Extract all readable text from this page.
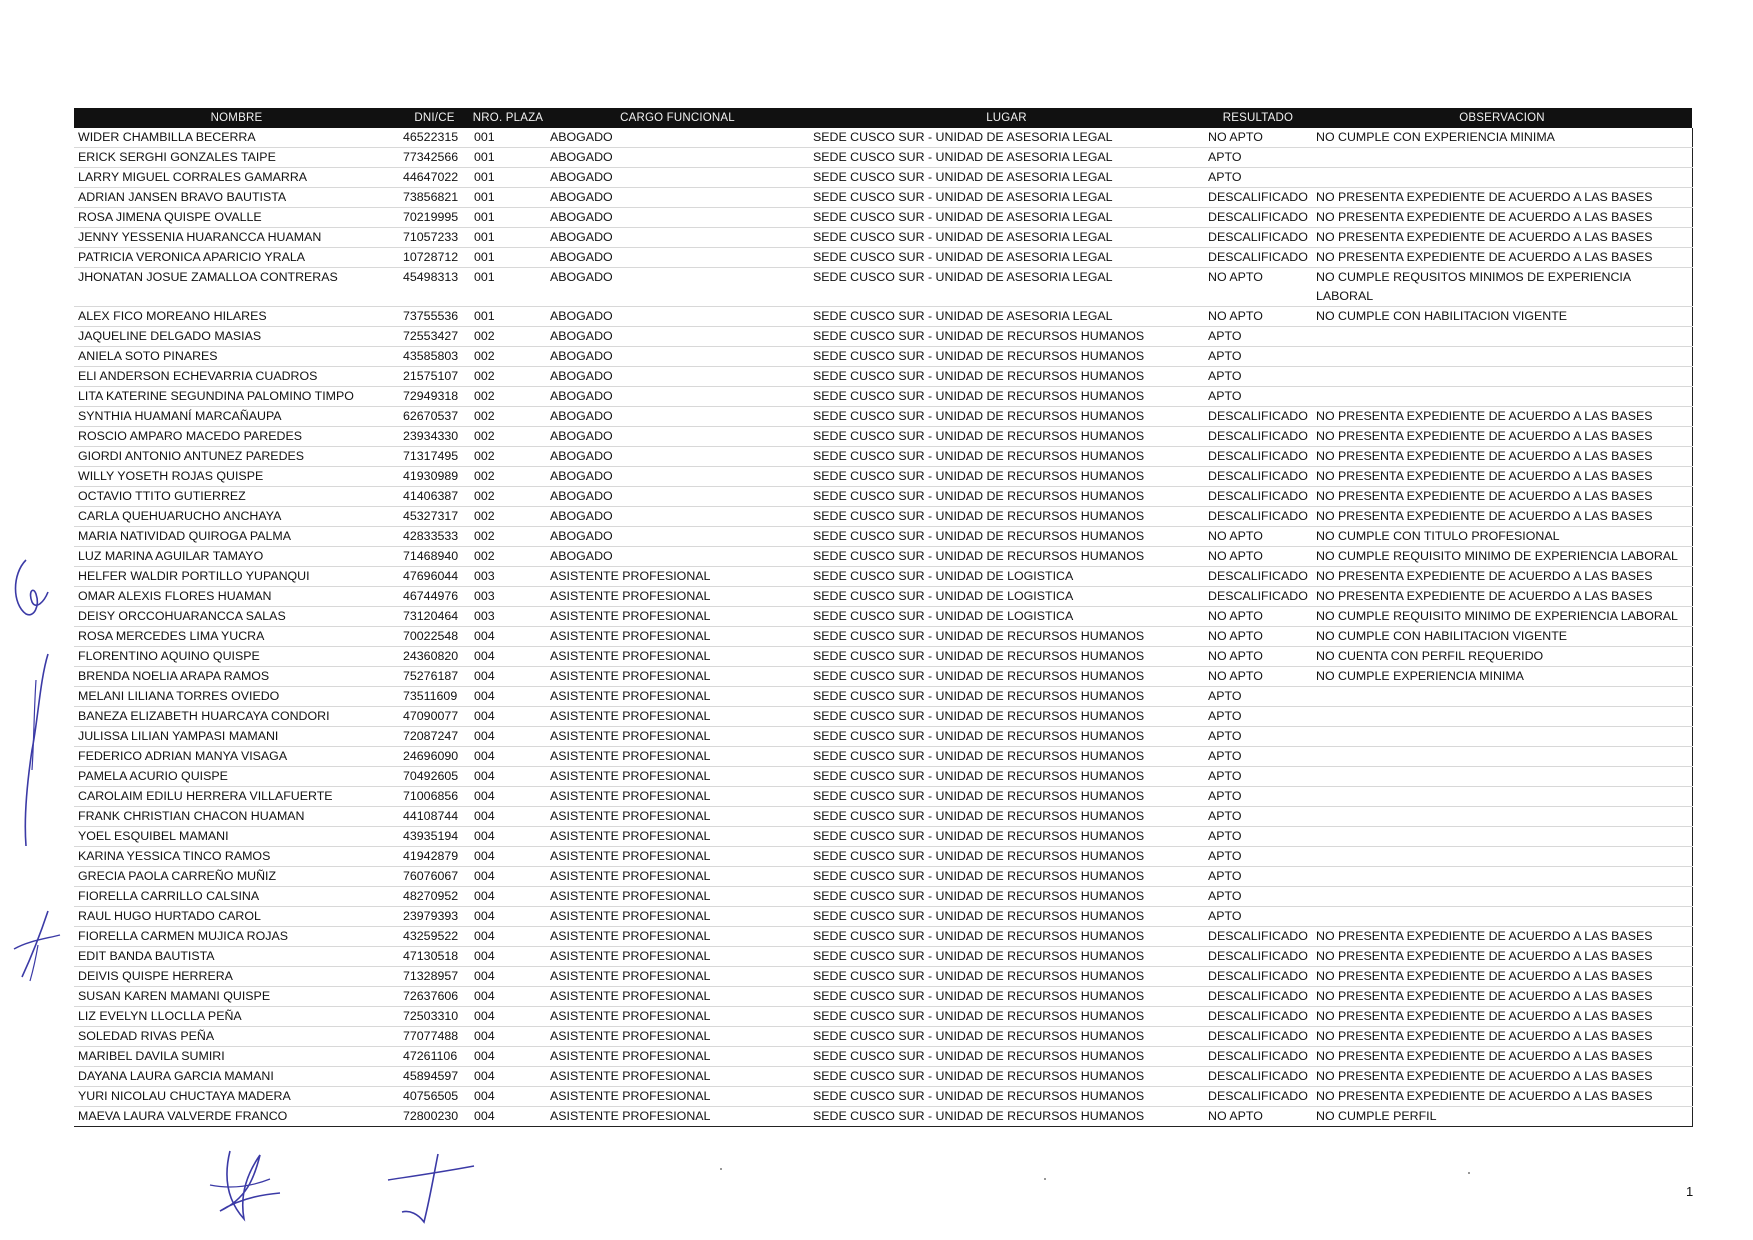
NOMBRE	DNI/CE	NRO. PLAZA	CARGO FUNCIONAL	LUGAR	RESULTADO	OBSERVACION
WIDER CHAMBILLA BECERRA	46522315	001	ABOGADO	SEDE CUSCO SUR - UNIDAD DE ASESORIA LEGAL	NO APTO	NO CUMPLE CON EXPERIENCIA MINIMA
ERICK SERGHI GONZALES TAIPE	77342566	001	ABOGADO	SEDE CUSCO SUR - UNIDAD DE ASESORIA LEGAL	APTO	
LARRY MIGUEL CORRALES GAMARRA	44647022	001	ABOGADO	SEDE CUSCO SUR - UNIDAD DE ASESORIA LEGAL	APTO	
ADRIAN JANSEN BRAVO BAUTISTA	73856821	001	ABOGADO	SEDE CUSCO SUR - UNIDAD DE ASESORIA LEGAL	DESCALIFICADO	NO PRESENTA EXPEDIENTE DE ACUERDO A LAS BASES
ROSA JIMENA QUISPE OVALLE	70219995	001	ABOGADO	SEDE CUSCO SUR - UNIDAD DE ASESORIA LEGAL	DESCALIFICADO	NO PRESENTA EXPEDIENTE DE ACUERDO A LAS BASES
JENNY YESSENIA HUARANCCA HUAMAN	71057233	001	ABOGADO	SEDE CUSCO SUR - UNIDAD DE ASESORIA LEGAL	DESCALIFICADO	NO PRESENTA EXPEDIENTE DE ACUERDO A LAS BASES
PATRICIA VERONICA APARICIO YRALA	10728712	001	ABOGADO	SEDE CUSCO SUR - UNIDAD DE ASESORIA LEGAL	DESCALIFICADO	NO PRESENTA EXPEDIENTE DE ACUERDO A LAS BASES
JHONATAN JOSUE ZAMALLOA CONTRERAS	45498313	001	ABOGADO	SEDE CUSCO SUR - UNIDAD DE ASESORIA LEGAL	NO APTO	NO CUMPLE REQUSITOS MINIMOS DE EXPERIENCIA LABORAL
ALEX FICO MOREANO HILARES	73755536	001	ABOGADO	SEDE CUSCO SUR - UNIDAD DE ASESORIA LEGAL	NO APTO	NO CUMPLE CON HABILITACION VIGENTE
JAQUELINE DELGADO MASIAS	72553427	002	ABOGADO	SEDE CUSCO SUR - UNIDAD DE RECURSOS HUMANOS	APTO	
ANIELA SOTO PINARES	43585803	002	ABOGADO	SEDE CUSCO SUR - UNIDAD DE RECURSOS HUMANOS	APTO	
ELI ANDERSON ECHEVARRIA CUADROS	21575107	002	ABOGADO	SEDE CUSCO SUR - UNIDAD DE RECURSOS HUMANOS	APTO	
LITA KATERINE SEGUNDINA PALOMINO TIMPO	72949318	002	ABOGADO	SEDE CUSCO SUR - UNIDAD DE RECURSOS HUMANOS	APTO	
SYNTHIA HUAMANÍ MARCAÑAUPA	62670537	002	ABOGADO	SEDE CUSCO SUR - UNIDAD DE RECURSOS HUMANOS	DESCALIFICADO	NO PRESENTA EXPEDIENTE DE ACUERDO A LAS BASES
ROSCIO AMPARO MACEDO PAREDES	23934330	002	ABOGADO	SEDE CUSCO SUR - UNIDAD DE RECURSOS HUMANOS	DESCALIFICADO	NO PRESENTA EXPEDIENTE DE ACUERDO A LAS BASES
GIORDI ANTONIO ANTUNEZ PAREDES	71317495	002	ABOGADO	SEDE CUSCO SUR - UNIDAD DE RECURSOS HUMANOS	DESCALIFICADO	NO PRESENTA EXPEDIENTE DE ACUERDO A LAS BASES
WILLY YOSETH ROJAS QUISPE	41930989	002	ABOGADO	SEDE CUSCO SUR - UNIDAD DE RECURSOS HUMANOS	DESCALIFICADO	NO PRESENTA EXPEDIENTE DE ACUERDO A LAS BASES
OCTAVIO TTITO GUTIERREZ	41406387	002	ABOGADO	SEDE CUSCO SUR - UNIDAD DE RECURSOS HUMANOS	DESCALIFICADO	NO PRESENTA EXPEDIENTE DE ACUERDO A LAS BASES
CARLA QUEHUARUCHO ANCHAYA	45327317	002	ABOGADO	SEDE CUSCO SUR - UNIDAD DE RECURSOS HUMANOS	DESCALIFICADO	NO PRESENTA EXPEDIENTE DE ACUERDO A LAS BASES
MARIA NATIVIDAD QUIROGA PALMA	42833533	002	ABOGADO	SEDE CUSCO SUR - UNIDAD DE RECURSOS HUMANOS	NO APTO	NO CUMPLE CON TITULO PROFESIONAL
LUZ MARINA AGUILAR TAMAYO	71468940	002	ABOGADO	SEDE CUSCO SUR - UNIDAD DE RECURSOS HUMANOS	NO APTO	NO CUMPLE REQUISITO MINIMO DE EXPERIENCIA LABORAL
HELFER WALDIR PORTILLO YUPANQUI	47696044	003	ASISTENTE PROFESIONAL	SEDE CUSCO SUR - UNIDAD DE LOGISTICA	DESCALIFICADO	NO PRESENTA EXPEDIENTE DE ACUERDO A LAS BASES
OMAR ALEXIS FLORES HUAMAN	46744976	003	ASISTENTE PROFESIONAL	SEDE CUSCO SUR - UNIDAD DE LOGISTICA	DESCALIFICADO	NO PRESENTA EXPEDIENTE DE ACUERDO A LAS BASES
DEISY ORCCOHUARANCCA SALAS	73120464	003	ASISTENTE PROFESIONAL	SEDE CUSCO SUR - UNIDAD DE LOGISTICA	NO APTO	NO CUMPLE REQUISITO MINIMO DE EXPERIENCIA LABORAL
ROSA MERCEDES LIMA YUCRA	70022548	004	ASISTENTE PROFESIONAL	SEDE CUSCO SUR - UNIDAD DE RECURSOS HUMANOS	NO APTO	NO CUMPLE CON HABILITACION VIGENTE
FLORENTINO AQUINO QUISPE	24360820	004	ASISTENTE PROFESIONAL	SEDE CUSCO SUR - UNIDAD DE RECURSOS HUMANOS	NO APTO	NO CUENTA CON PERFIL REQUERIDO
BRENDA NOELIA ARAPA RAMOS	75276187	004	ASISTENTE PROFESIONAL	SEDE CUSCO SUR - UNIDAD DE RECURSOS HUMANOS	NO APTO	NO CUMPLE EXPERIENCIA MINIMA
MELANI LILIANA TORRES OVIEDO	73511609	004	ASISTENTE PROFESIONAL	SEDE CUSCO SUR - UNIDAD DE RECURSOS HUMANOS	APTO	
BANEZA ELIZABETH HUARCAYA CONDORI	47090077	004	ASISTENTE PROFESIONAL	SEDE CUSCO SUR - UNIDAD DE RECURSOS HUMANOS	APTO	
JULISSA LILIAN YAMPASI MAMANI	72087247	004	ASISTENTE PROFESIONAL	SEDE CUSCO SUR - UNIDAD DE RECURSOS HUMANOS	APTO	
FEDERICO ADRIAN MANYA VISAGA	24696090	004	ASISTENTE PROFESIONAL	SEDE CUSCO SUR - UNIDAD DE RECURSOS HUMANOS	APTO	
PAMELA ACURIO QUISPE	70492605	004	ASISTENTE PROFESIONAL	SEDE CUSCO SUR - UNIDAD DE RECURSOS HUMANOS	APTO	
CAROLAIM EDILU HERRERA VILLAFUERTE	71006856	004	ASISTENTE PROFESIONAL	SEDE CUSCO SUR - UNIDAD DE RECURSOS HUMANOS	APTO	
FRANK CHRISTIAN CHACON HUAMAN	44108744	004	ASISTENTE PROFESIONAL	SEDE CUSCO SUR - UNIDAD DE RECURSOS HUMANOS	APTO	
YOEL ESQUIBEL MAMANI	43935194	004	ASISTENTE PROFESIONAL	SEDE CUSCO SUR - UNIDAD DE RECURSOS HUMANOS	APTO	
KARINA YESSICA TINCO RAMOS	41942879	004	ASISTENTE PROFESIONAL	SEDE CUSCO SUR - UNIDAD DE RECURSOS HUMANOS	APTO	
GRECIA PAOLA CARREÑO MUÑIZ	76076067	004	ASISTENTE PROFESIONAL	SEDE CUSCO SUR - UNIDAD DE RECURSOS HUMANOS	APTO	
FIORELLA CARRILLO CALSINA	48270952	004	ASISTENTE PROFESIONAL	SEDE CUSCO SUR - UNIDAD DE RECURSOS HUMANOS	APTO	
RAUL HUGO HURTADO CAROL	23979393	004	ASISTENTE PROFESIONAL	SEDE CUSCO SUR - UNIDAD DE RECURSOS HUMANOS	APTO	
FIORELLA CARMEN MUJICA ROJAS	43259522	004	ASISTENTE PROFESIONAL	SEDE CUSCO SUR - UNIDAD DE RECURSOS HUMANOS	DESCALIFICADO	NO PRESENTA EXPEDIENTE DE ACUERDO A LAS BASES
EDIT BANDA BAUTISTA	47130518	004	ASISTENTE PROFESIONAL	SEDE CUSCO SUR - UNIDAD DE RECURSOS HUMANOS	DESCALIFICADO	NO PRESENTA EXPEDIENTE DE ACUERDO A LAS BASES
DEIVIS QUISPE HERRERA	71328957	004	ASISTENTE PROFESIONAL	SEDE CUSCO SUR - UNIDAD DE RECURSOS HUMANOS	DESCALIFICADO	NO PRESENTA EXPEDIENTE DE ACUERDO A LAS BASES
SUSAN KAREN MAMANI QUISPE	72637606	004	ASISTENTE PROFESIONAL	SEDE CUSCO SUR - UNIDAD DE RECURSOS HUMANOS	DESCALIFICADO	NO PRESENTA EXPEDIENTE DE ACUERDO A LAS BASES
LIZ EVELYN LLOCLLA PEÑA	72503310	004	ASISTENTE PROFESIONAL	SEDE CUSCO SUR - UNIDAD DE RECURSOS HUMANOS	DESCALIFICADO	NO PRESENTA EXPEDIENTE DE ACUERDO A LAS BASES
SOLEDAD RIVAS PEÑA	77077488	004	ASISTENTE PROFESIONAL	SEDE CUSCO SUR - UNIDAD DE RECURSOS HUMANOS	DESCALIFICADO	NO PRESENTA EXPEDIENTE DE ACUERDO A LAS BASES
MARIBEL DAVILA SUMIRI	47261106	004	ASISTENTE PROFESIONAL	SEDE CUSCO SUR - UNIDAD DE RECURSOS HUMANOS	DESCALIFICADO	NO PRESENTA EXPEDIENTE DE ACUERDO A LAS BASES
DAYANA LAURA GARCIA MAMANI	45894597	004	ASISTENTE PROFESIONAL	SEDE CUSCO SUR - UNIDAD DE RECURSOS HUMANOS	DESCALIFICADO	NO PRESENTA EXPEDIENTE DE ACUERDO A LAS BASES
YURI NICOLAU CHUCTAYA MADERA	40756505	004	ASISTENTE PROFESIONAL	SEDE CUSCO SUR - UNIDAD DE RECURSOS HUMANOS	DESCALIFICADO	NO PRESENTA EXPEDIENTE DE ACUERDO A LAS BASES
MAEVA LAURA VALVERDE FRANCO	72800230	004	ASISTENTE PROFESIONAL	SEDE CUSCO SUR - UNIDAD DE RECURSOS HUMANOS	NO APTO	NO CUMPLE PERFIL
1
